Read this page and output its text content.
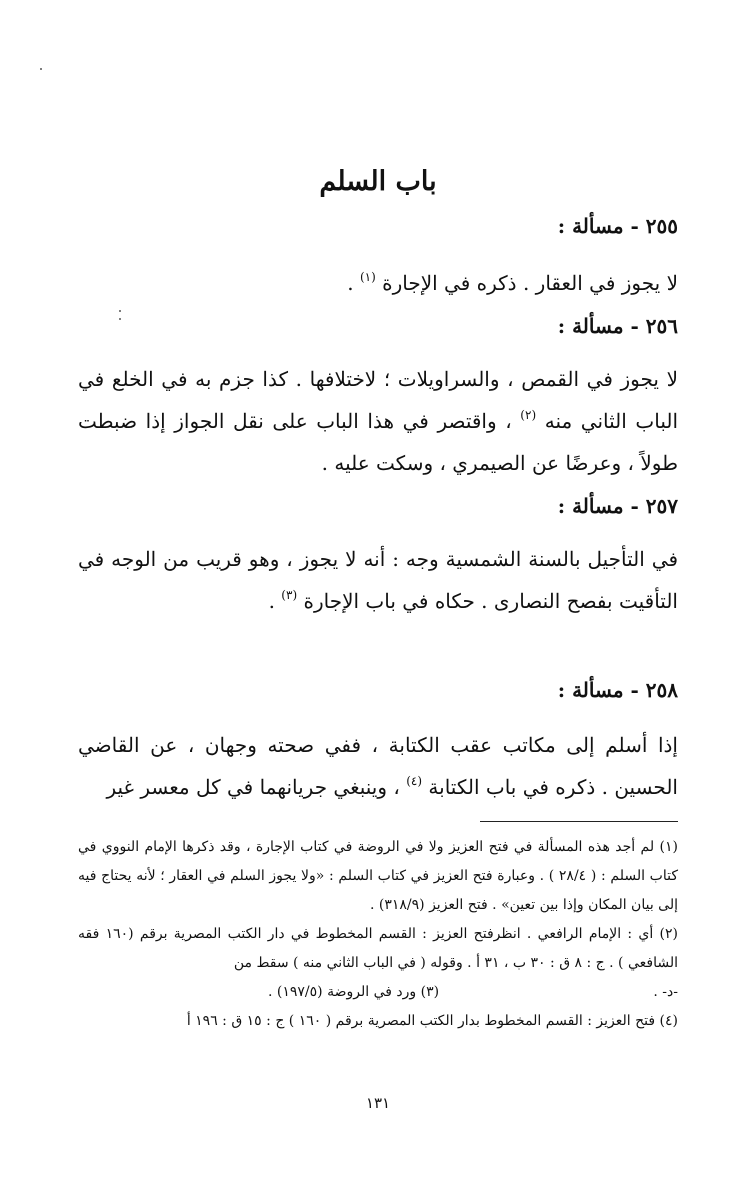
باب السلم
٢٥٥ - مسألة :

لا يجوز في العقار . ذكره في الإجارة $^{(١)}$ .

٢٥٦ - مسألة :

لا يجوز في القمص ، والسراويلات ؛ لاختلافها . كذا جزم به في الخلع في الباب الثاني منه $^{(٢)}$ ، واقتصر في هذا الباب على نقل الجواز إذا ضبطت طولاً ، وعرضًا عن الصيمري ، وسكت عليه .

٢٥٧ - مسألة :

في التأجيل بالسنة الشمسية وجه : أنه لا يجوز ، وهو قريب من الوجه في التأقيت بفصح النصارى . حكاه في باب الإجارة $^{(٣)}$ .

٢٥٨ - مسألة :

إذا أسلم إلى مكاتب عقب الكتابة ، ففي صحته وجهان ، عن القاضي الحسين . ذكره في باب الكتابة $^{(٤)}$ ، وينبغي جريانهما في كل معسر غير

(١) لم أجد هذه المسألة في فتح العزيز ولا في الروضة في كتاب الإجارة ، وقد ذكرها الإمام النووي في كتاب السلم : ( ٢٨/٤ ) . وعبارة فتح العزيز في كتاب السلم : «ولا يجوز السلم في العقار ؛ لأنه يحتاج فيه إلى بيان المكان وإذا بين تعين» . فتح العزيز (٣١٨/٩) .

(٢) أي : الإمام الرافعي . انظرفتح العزيز : القسم المخطوط في دار الكتب المصرية برقم (١٦٠ فقه الشافعي ) . ج : ٨ ق : ٣٠ ب ، ٣١ أ . وقوله ( في الباب الثاني منه ) سقط من

-د- .
(٣) ورد في الروضة (١٩٧/٥) .

(٤) فتح العزيز : القسم المخطوط بدار الكتب المصرية برقم ( ١٦٠ ) ج : ١٥ ق : ١٩٦ أ

١٣١
